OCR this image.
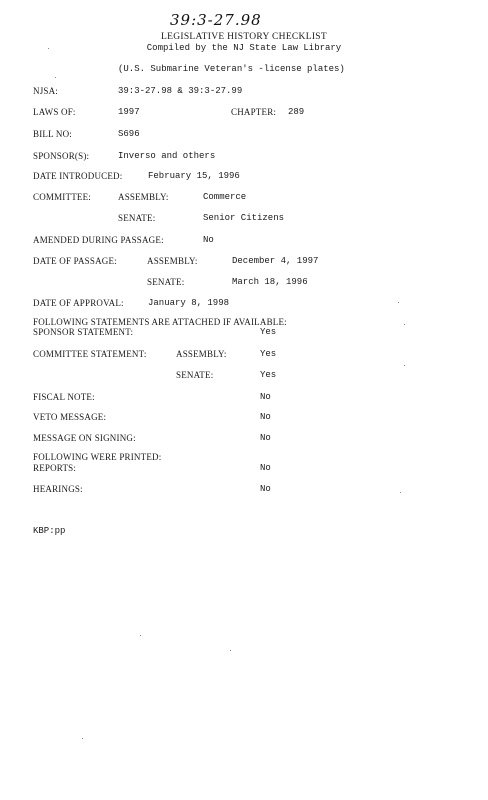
39:3-27.98
LEGISLATIVE HISTORY CHECKLIST
Compiled by the NJ State Law Library
(U.S. Submarine Veteran's -license plates)
NJSA:	39:3-27.98 & 39:3-27.99
LAWS OF:	1997	CHAPTER: 289
BILL NO:	S696
SPONSOR(S):	Inverso and others
DATE INTRODUCED:	February 15, 1996
COMMITTEE:	ASSEMBLY:	Commerce
SENATE:	Senior Citizens
AMENDED DURING PASSAGE:	No
DATE OF PASSAGE:	ASSEMBLY:	December 4, 1997
SENATE:	March 18, 1996
DATE OF APPROVAL:	January 8, 1998
FOLLOWING STATEMENTS ARE ATTACHED IF AVAILABLE:
SPONSOR STATEMENT:	Yes
COMMITTEE STATEMENT:	ASSEMBLY:	Yes
SENATE:	Yes
FISCAL NOTE:	No
VETO MESSAGE:	No
MESSAGE ON SIGNING:	No
FOLLOWING WERE PRINTED:
REPORTS:	No
HEARINGS:	No
KBP:pp
